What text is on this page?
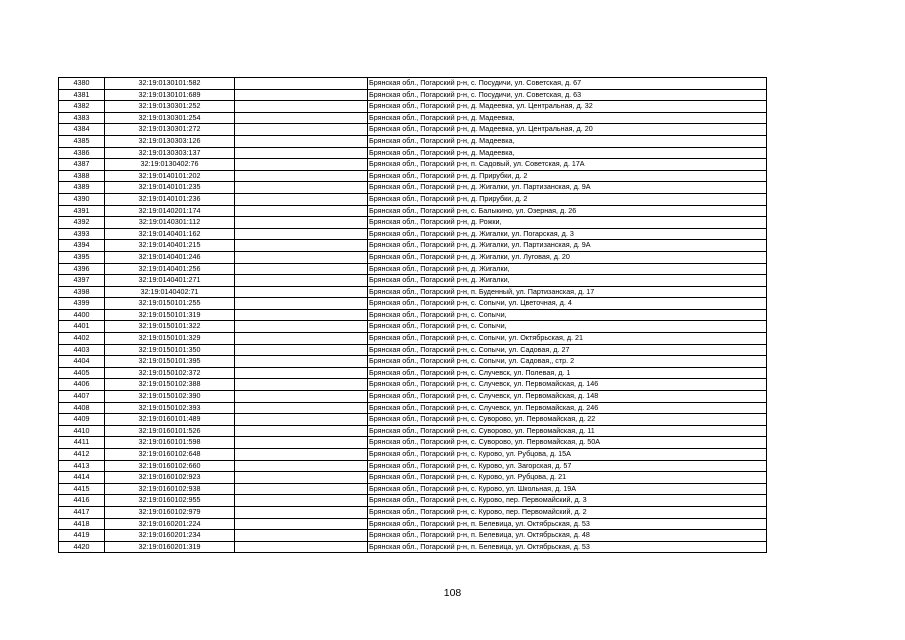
4380	32:19:0130101:582		Брянская обл., Погарский р-н, с. Посудичи, ул. Советская, д. 67
4381	32:19:0130101:689		Брянская обл., Погарский р-н, с. Посудичи, ул. Советская, д. 63
4382	32:19:0130301:252		Брянская обл., Погарский р-н, д. Мадеевка, ул. Центральная, д. 32
4383	32:19:0130301:254		Брянская обл., Погарский р-н, д. Мадеевка,
4384	32:19:0130301:272		Брянская обл., Погарский р-н, д. Мадеевка, ул. Центральная, д. 20
4385	32:19:0130303:126		Брянская обл., Погарский р-н, д. Мадеевка,
4386	32:19:0130303:137		Брянская обл., Погарский р-н, д. Мадеевка,
4387	32:19:0130402:76		Брянская обл., Погарский р-н, п. Садовый, ул. Советская, д. 17А
4388	32:19:0140101:202		Брянская обл., Погарский р-н, д. Прирубки, д. 2
4389	32:19:0140101:235		Брянская обл., Погарский р-н, д. Жигалки, ул. Партизанская, д. 9А
4390	32:19:0140101:236		Брянская обл., Погарский р-н, д. Прирубки, д. 2
4391	32:19:0140201:174		Брянская обл., Погарский р-н, с. Балыкино, ул. Озерная, д. 26
4392	32:19:0140301:112		Брянская обл., Погарский р-н, д. Рожки,
4393	32:19:0140401:162		Брянская обл., Погарский р-н, д. Жигалки, ул. Погарская, д. 3
4394	32:19:0140401:215		Брянская обл., Погарский р-н, д. Жигалки, ул. Партизанская, д. 9А
4395	32:19:0140401:246		Брянская обл., Погарский р-н, д. Жигалки, ул. Луговая, д. 20
4396	32:19:0140401:256		Брянская обл., Погарский р-н, д. Жигалки,
4397	32:19:0140401:271		Брянская обл., Погарский р-н, д. Жигалки,
4398	32:19:0140402:71		Брянская обл., Погарский р-н, п. Буденный, ул. Партизанская, д. 17
4399	32:19:0150101:255		Брянская обл., Погарский р-н, с. Сопычи, ул. Цветочная, д. 4
4400	32:19:0150101:319		Брянская обл., Погарский р-н, с. Сопычи,
4401	32:19:0150101:322		Брянская обл., Погарский р-н, с. Сопычи,
4402	32:19:0150101:329		Брянская обл., Погарский р-н, с. Сопычи, ул. Октябрьская, д. 21
4403	32:19:0150101:350		Брянская обл., Погарский р-н, с. Сопычи, ул. Садовая, д. 27
4404	32:19:0150101:395		Брянская обл., Погарский р-н, с. Сопычи, ул. Садовая,, стр. 2
4405	32:19:0150102:372		Брянская обл., Погарский р-н, с. Случевск, ул. Полевая, д. 1
4406	32:19:0150102:388		Брянская обл., Погарский р-н, с. Случевск, ул. Первомайская, д. 146
4407	32:19:0150102:390		Брянская обл., Погарский р-н, с. Случевск, ул. Первомайская, д. 148
4408	32:19:0150102:393		Брянская обл., Погарский р-н, с. Случевск, ул. Первомайская, д. 246
4409	32:19:0160101:489		Брянская обл., Погарский р-н, с. Суворово, ул. Первомайская, д. 22
4410	32:19:0160101:526		Брянская обл., Погарский р-н, с. Суворово, ул. Первомайская, д. 11
4411	32:19:0160101:598		Брянская обл., Погарский р-н, с. Суворово, ул. Первомайская, д. 50А
4412	32:19:0160102:648		Брянская обл., Погарский р-н, с. Курово, ул. Рубцова, д. 15А
4413	32:19:0160102:660		Брянская обл., Погарский р-н, с. Курово, ул. Загорская, д. 57
4414	32:19:0160102:923		Брянская обл., Погарский р-н, с. Курово, ул. Рубцова, д. 21
4415	32:19:0160102:938		Брянская обл., Погарский р-н, с. Курово, ул. Школьная, д. 19А
4416	32:19:0160102:955		Брянская обл., Погарский р-н, с. Курово, пер. Первомайский, д. 3
4417	32:19:0160102:979		Брянская обл., Погарский р-н, с. Курово, пер. Первомайский, д. 2
4418	32:19:0160201:224		Брянская обл., Погарский р-н, п. Белевица, ул. Октябрьская, д. 53
4419	32:19:0160201:234		Брянская обл., Погарский р-н, п. Белевица, ул. Октябрьская, д. 48
4420	32:19:0160201:319		Брянская обл., Погарский р-н, п. Белевица, ул. Октябрьская, д. 53
108
